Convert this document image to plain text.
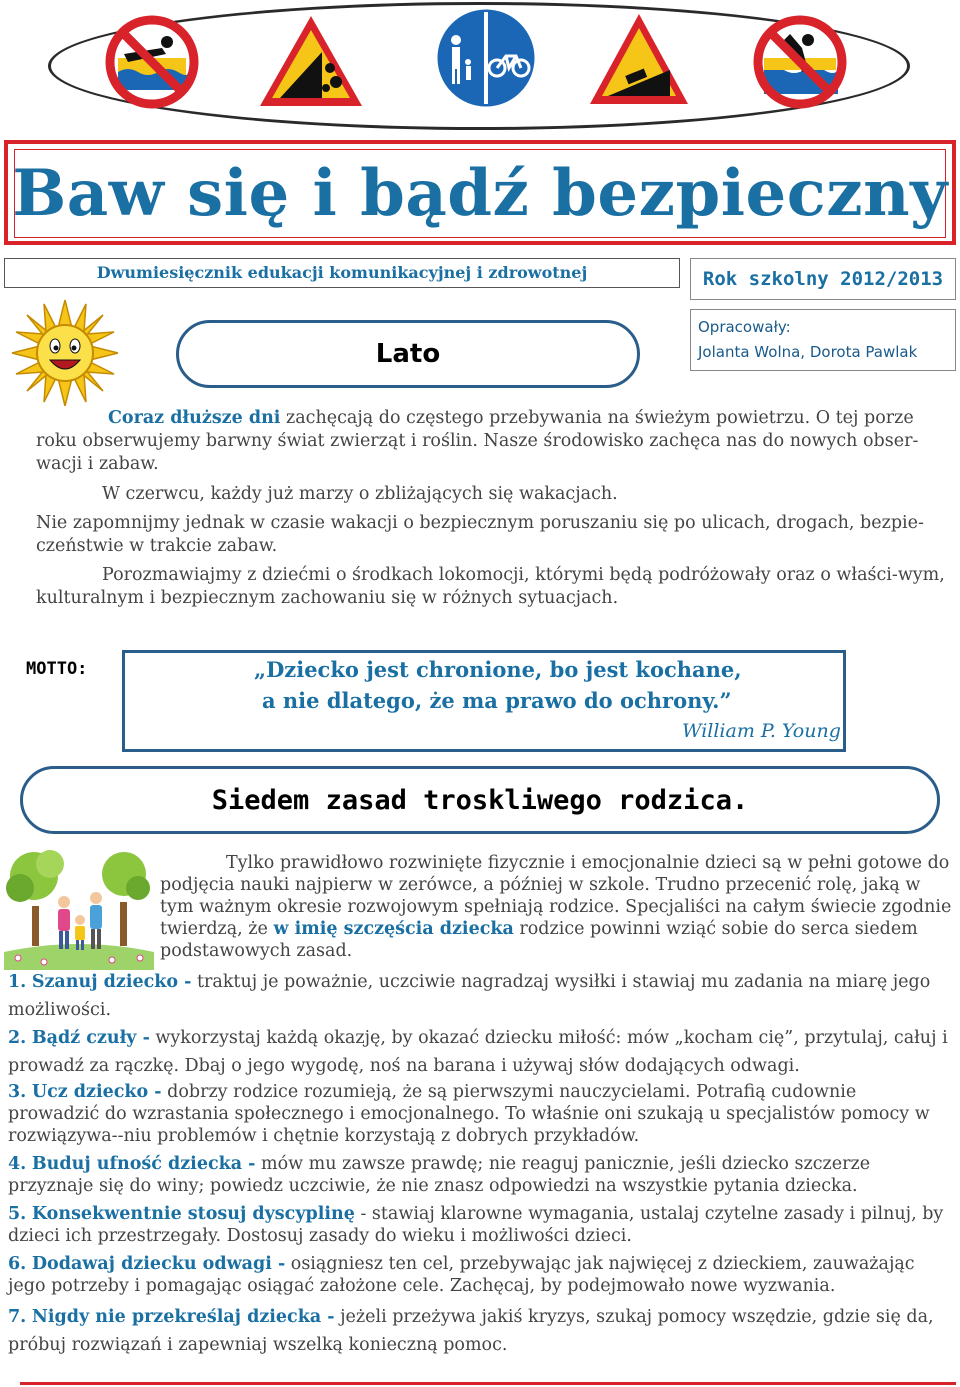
Baw się i bądź bezpieczny
Dwumiesięcznik edukacji komunikacyjnej i zdrowotnej	Rok szkolny 2012/2013
Opracowały:
Jolanta Wolna, Dorota Pawlak
Lato
Coraz dłuższe dni zachęcają do częstego przebywania na świeżym powietrzu. O tej porze roku obserwujemy barwny świat zwierząt i roślin. Nasze środowisko zachęca nas do nowych obser-wacji i zabaw.
W czerwcu, każdy już marzy o zbliżających się wakacjach.
Nie zapomnijmy jednak w czasie wakacji o bezpiecznym poruszaniu się po ulicach, drogach, bezpie-czeństwie w trakcie zabaw.
Porozmawiajmy z dziećmi o środkach lokomocji, którymi będą podróżowały oraz o właści-wym, kulturalnym i bezpiecznym zachowaniu się w różnych sytuacjach.
MOTTO:	„Dziecko jest chronione, bo jest kochane,
a nie dlatego, że ma prawo do ochrony.”
William P. Young
Siedem zasad troskliwego rodzica.
Tylko prawidłowo rozwinięte fizycznie i emocjonalnie dzieci są w pełni gotowe do podjęcia nauki najpierw w zerówce, a później w szkole. Trudno przecenić rolę, jaką w tym ważnym okresie rozwojowym spełniają rodzice. Specjaliści na całym świecie zgodnie twierdzą, że w imię szczęścia dziecka rodzice powinni wziąć sobie do serca siedem podstawowych zasad.
1. Szanuj dziecko - traktuj je poważnie, uczciwie nagradzaj wysiłki i stawiaj mu zadania na miarę jego możliwości.
2. Bądź czuły - wykorzystaj każdą okazję, by okazać dziecku miłość: mów „kocham cię”, przytulaj, całuj i prowadź za rączkę. Dbaj o jego wygodę, noś na barana i używaj słów dodających odwagi.
3. Ucz dziecko - dobrzy rodzice rozumieją, że są pierwszymi nauczycielami. Potrafią cudownie prowadzić do wzrastania społecznego i emocjonalnego. To właśnie oni szukają u specjalistów pomocy w rozwiązywa--niu problemów i chętnie korzystają z dobrych przykładów.
4. Buduj ufność dziecka - mów mu zawsze prawdę; nie reaguj panicznie, jeśli dziecko szczerze przyznaje się do winy; powiedz uczciwie, że nie znasz odpowiedzi na wszystkie pytania dziecka.
5. Konsekwentnie stosuj dyscyplinę - stawiaj klarowne wymagania, ustalaj czytelne zasady i pilnuj, by dzieci ich przestrzegały. Dostosuj zasady do wieku i możliwości dzieci.
6. Dodawaj dziecku odwagi - osiągniesz ten cel, przebywając jak najwięcej z dzieckiem, zauważając jego potrzeby i pomagając osiągać założone cele. Zachęcaj, by podejmowało nowe wyzwania.
7. Nigdy nie przekreślaj dziecka - jeżeli przeżywa jakiś kryzys, szukaj pomocy wszędzie, gdzie się da, próbuj rozwiązań i zapewniaj wszelką konieczną pomoc.
